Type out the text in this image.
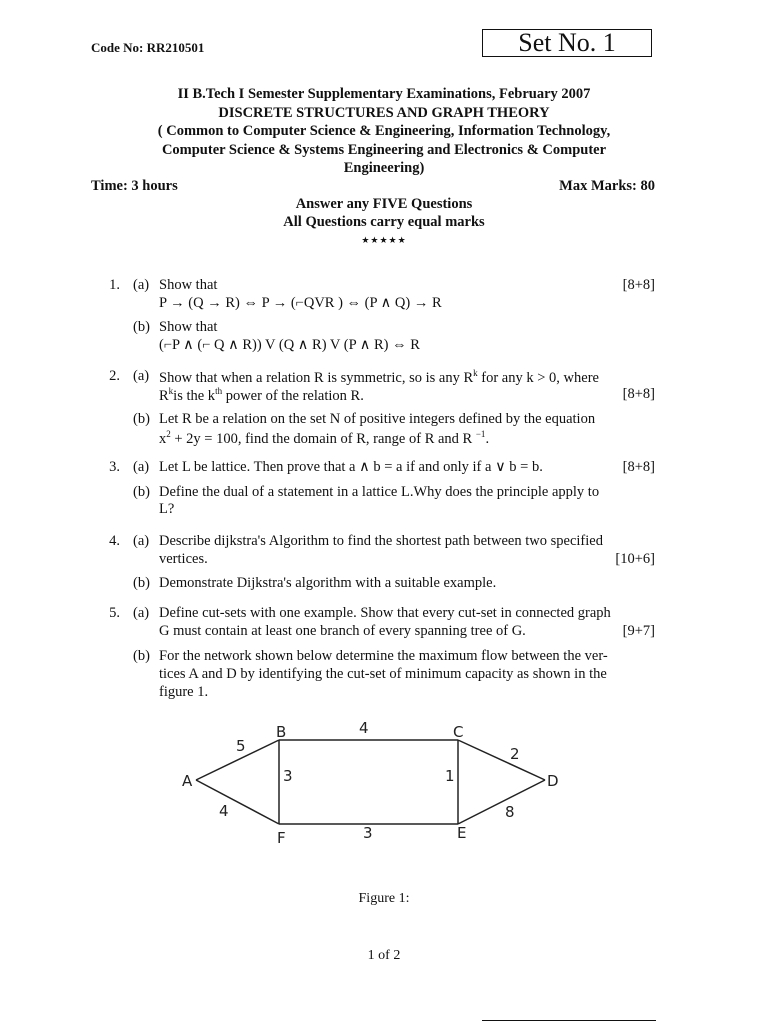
Code No: RR210501	Set No. 1
II B.Tech I Semester Supplementary Examinations, February 2007
DISCRETE STRUCTURES AND GRAPH THEORY
( Common to Computer Science & Engineering, Information Technology,
Computer Science & Systems Engineering and Electronics & Computer
Engineering)
Time: 3 hours	Max Marks: 80
Answer any FIVE Questions
All Questions carry equal marks
★★★★★
1. (a) Show that	[8+8]
P → (Q → R) ⇔ P → (⌐QVR ) ⇔ (P ∧ Q) → R
(b) Show that
(⌐P ∧ (⌐ Q ∧ R)) V (Q ∧ R) V (P ∧ R) ⇔ R
2. (a) Show that when a relation R is symmetric, so is any $R^k$ for any k > 0, where
$R^kis$ the $k^{th}$ power of the relation R.	[8+8]
(b) Let R be a relation on the set N of positive integers defined by the equation
$x^2 + 2y = 100$, find the domain of R, range of R and R $^{-1}$.
3. (a) Let L be lattice. Then prove that a ∧ b = a if and only if a ∨ b = b.	[8+8]
(b) Define the dual of a statement in a lattice L.Why does the principle apply to
L?
4. (a) Describe dijkstra's Algorithm to find the shortest path between two specified
vertices.	[10+6]
(b) Demonstrate Dijkstra's algorithm with a suitable example.
5. (a) Define cut-sets with one example. Show that every cut-set in connected graph
G must contain at least one branch of every spanning tree of G.	[9+7]
(b) For the network shown below determine the maximum flow between the ver-
tices A and D by identifying the cut-set of minimum capacity as shown in the
figure 1.
A
B	C
D
E
F
5
4
2
4
3	1
8
3
Figure 1:
1 of 2
